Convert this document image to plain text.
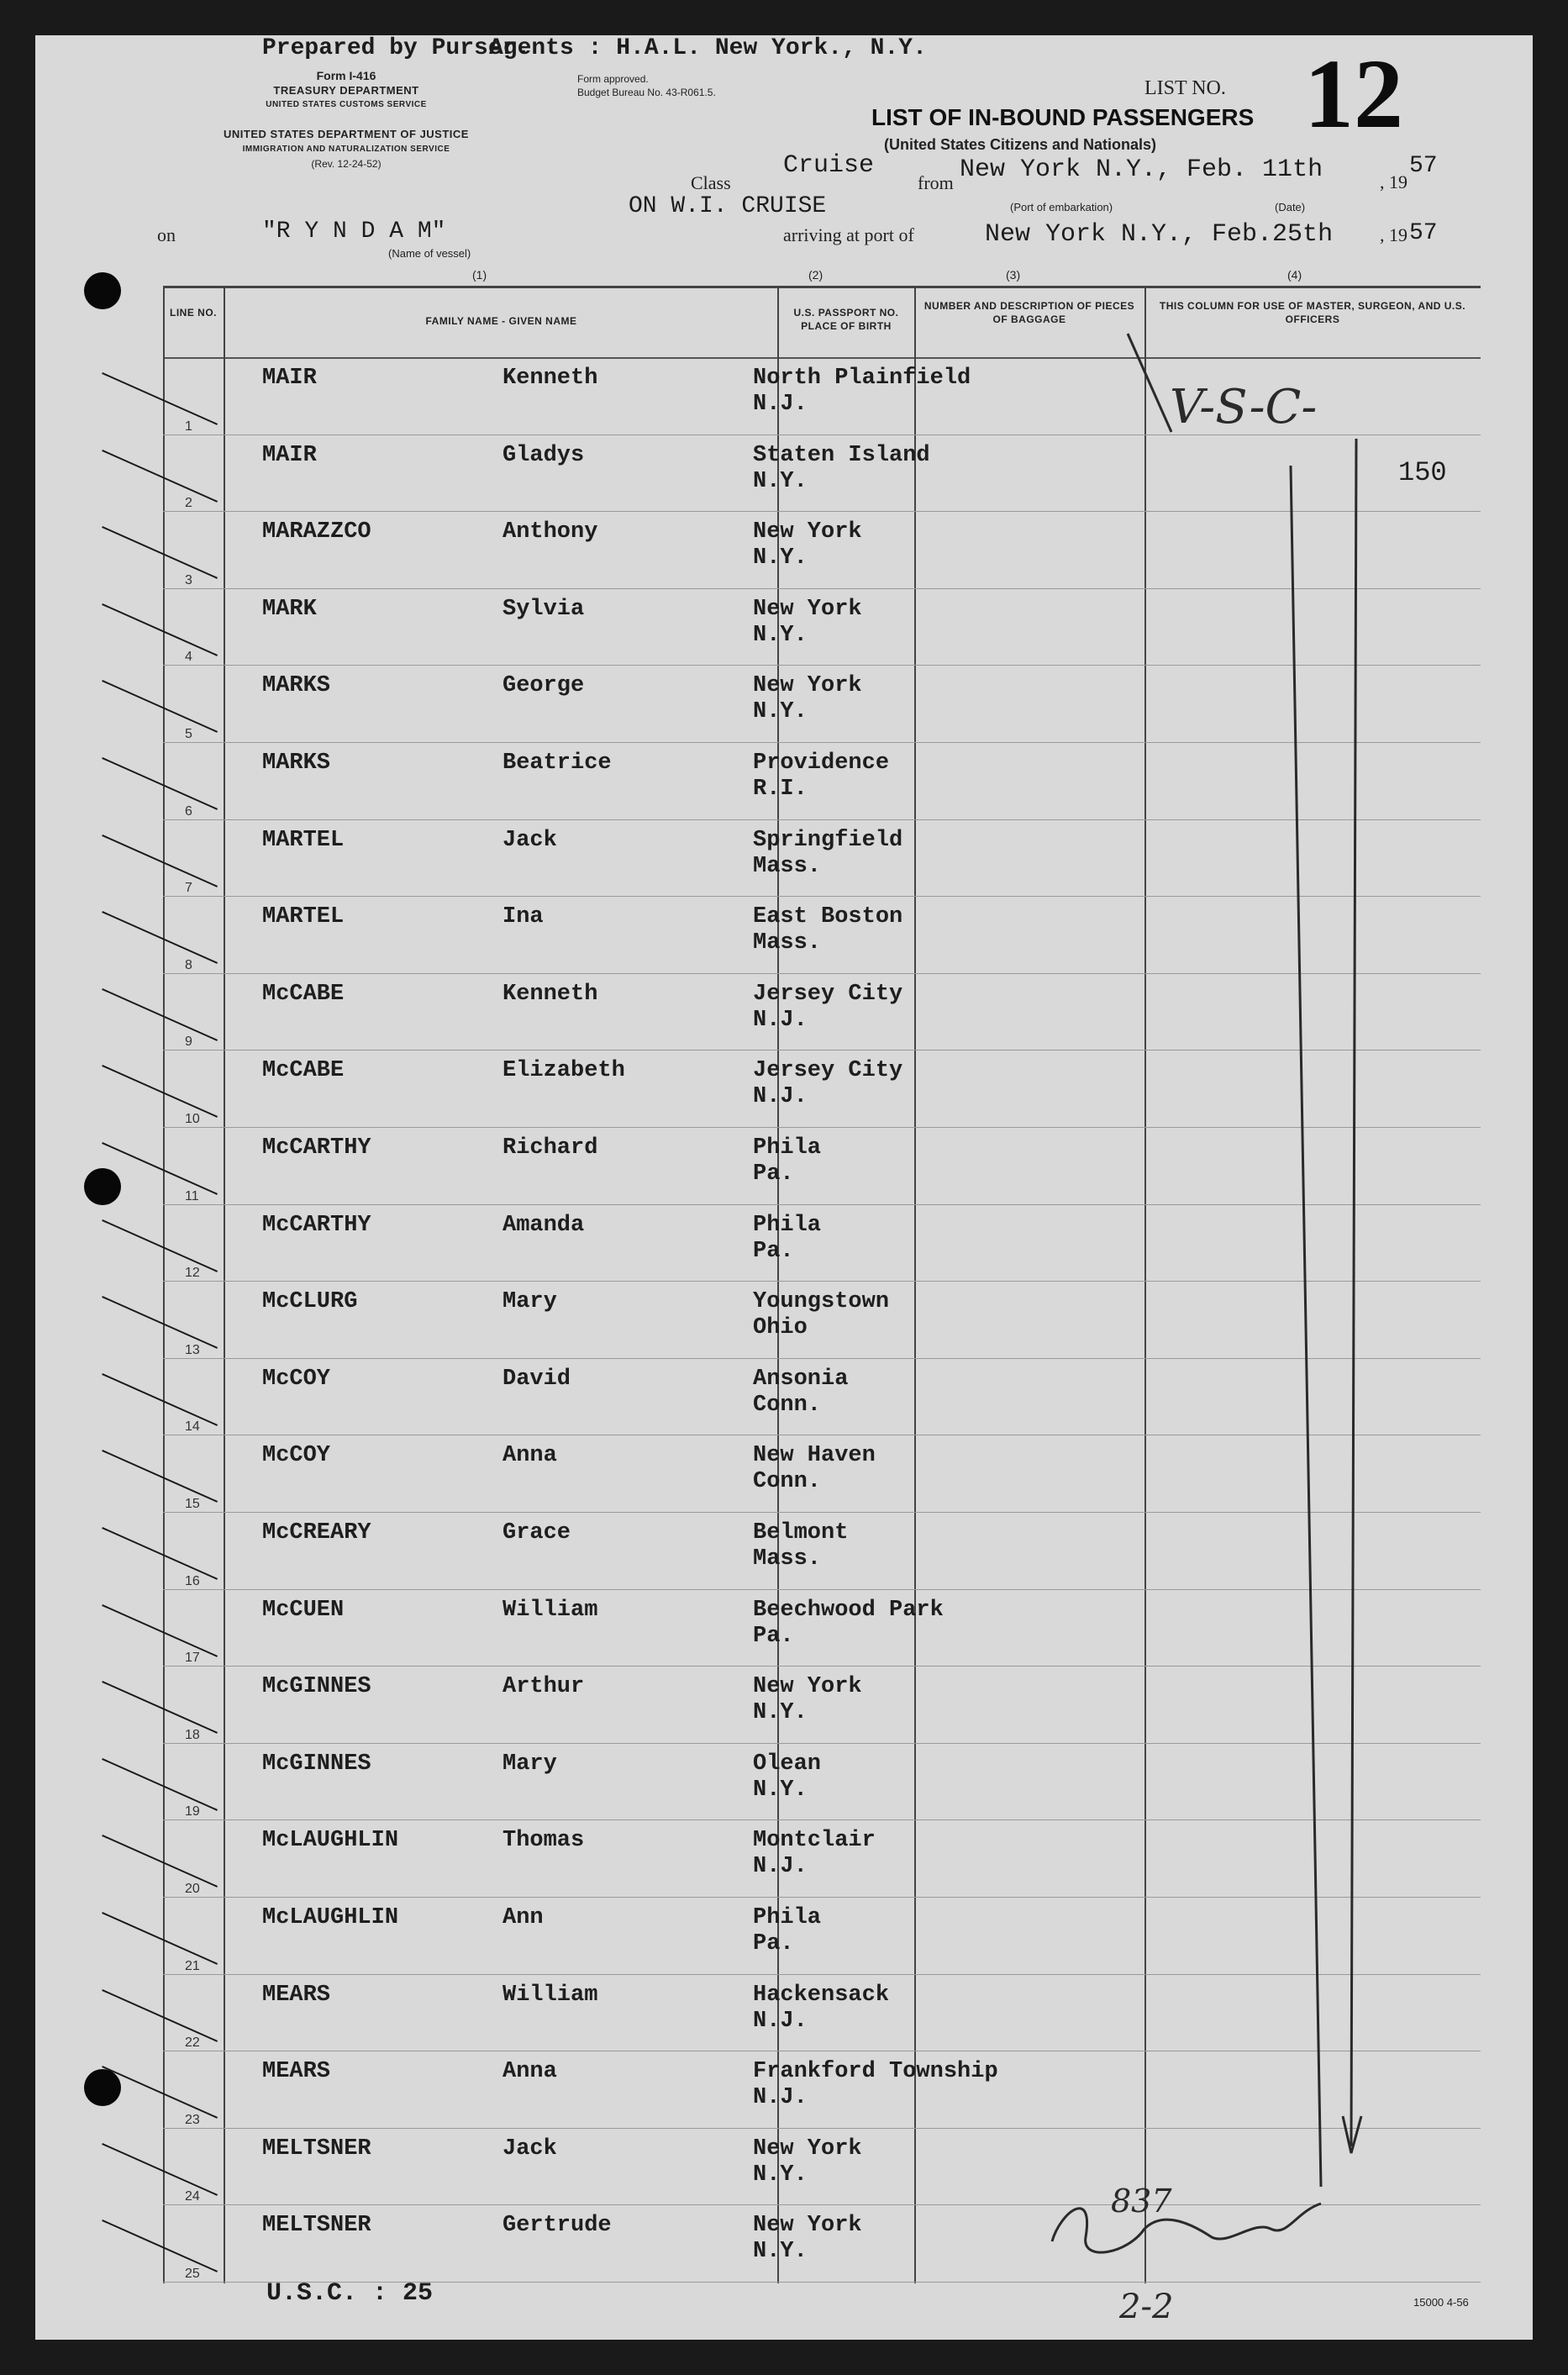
Prepared by Purser.
Agents : H.A.L. New York., N.Y.
Form I-416
TREASURY DEPARTMENT
UNITED STATES CUSTOMS SERVICE
UNITED STATES DEPARTMENT OF JUSTICE
IMMIGRATION AND NATURALIZATION SERVICE
(Rev. 12-24-52)
Form approved.
Budget Bureau No. 43-R061.5.	LIST NO. 12
LIST OF IN-BOUND PASSENGERS
(United States Citizens and Nationals)
Class
Cruise
from New York N.Y., Feb. 11th	, 19
57
ON W.I. CRUISE	(Port of embarkation)	(Date)
on	"R Y N D A M"
(Name of vessel)
arriving at port of	New York N.Y., Feb.25th	, 19 57
(1)	(2)	(3)	(4)
LINE NO.
FAMILY NAME - GIVEN NAME
U.S. PASSPORT NO. PLACE OF BIRTH
NUMBER AND DESCRIPTION OF PIECES OF BAGGAGE
THIS COLUMN FOR USE OF MASTER, SURGEON, AND U.S. OFFICERS
1
MAIR	Kenneth	North Plainfield
N.J.
2
MAIR	Gladys	Staten Island
N.Y.
3
MARAZZCO	Anthony	New York
N.Y.
4
MARK	Sylvia	New York
N.Y.
5
MARKS	George	New York
N.Y.
6
MARKS	Beatrice	Providence
R.I.
7
MARTEL	Jack	Springfield
Mass.
8
MARTEL	Ina	East Boston
Mass.
9
McCABE	Kenneth	Jersey City
N.J.
10
McCABE	Elizabeth	Jersey City
N.J.
11
McCARTHY	Richard	Phila
Pa.
12
McCARTHY	Amanda	Phila
Pa.
13
McCLURG	Mary	Youngstown
Ohio
14
McCOY	David	Ansonia
Conn.
15
McCOY	Anna	New Haven
Conn.
16
McCREARY	Grace	Belmont
Mass.
17
McCUEN	William	Beechwood Park
Pa.
18
McGINNES	Arthur	New York
N.Y.
19
McGINNES	Mary	Olean
N.Y.
20
McLAUGHLIN	Thomas	Montclair
N.J.
21
McLAUGHLIN	Ann	Phila
Pa.
22
MEARS	William	Hackensack
N.J.
23
MEARS	Anna	Frankford Township
N.J.
24
MELTSNER	Jack	New York
N.Y.
25
MELTSNER	Gertrude	New York
N.Y.
V-S-C-
150
837
2-2
U.S.C. : 25	15000 4-56
